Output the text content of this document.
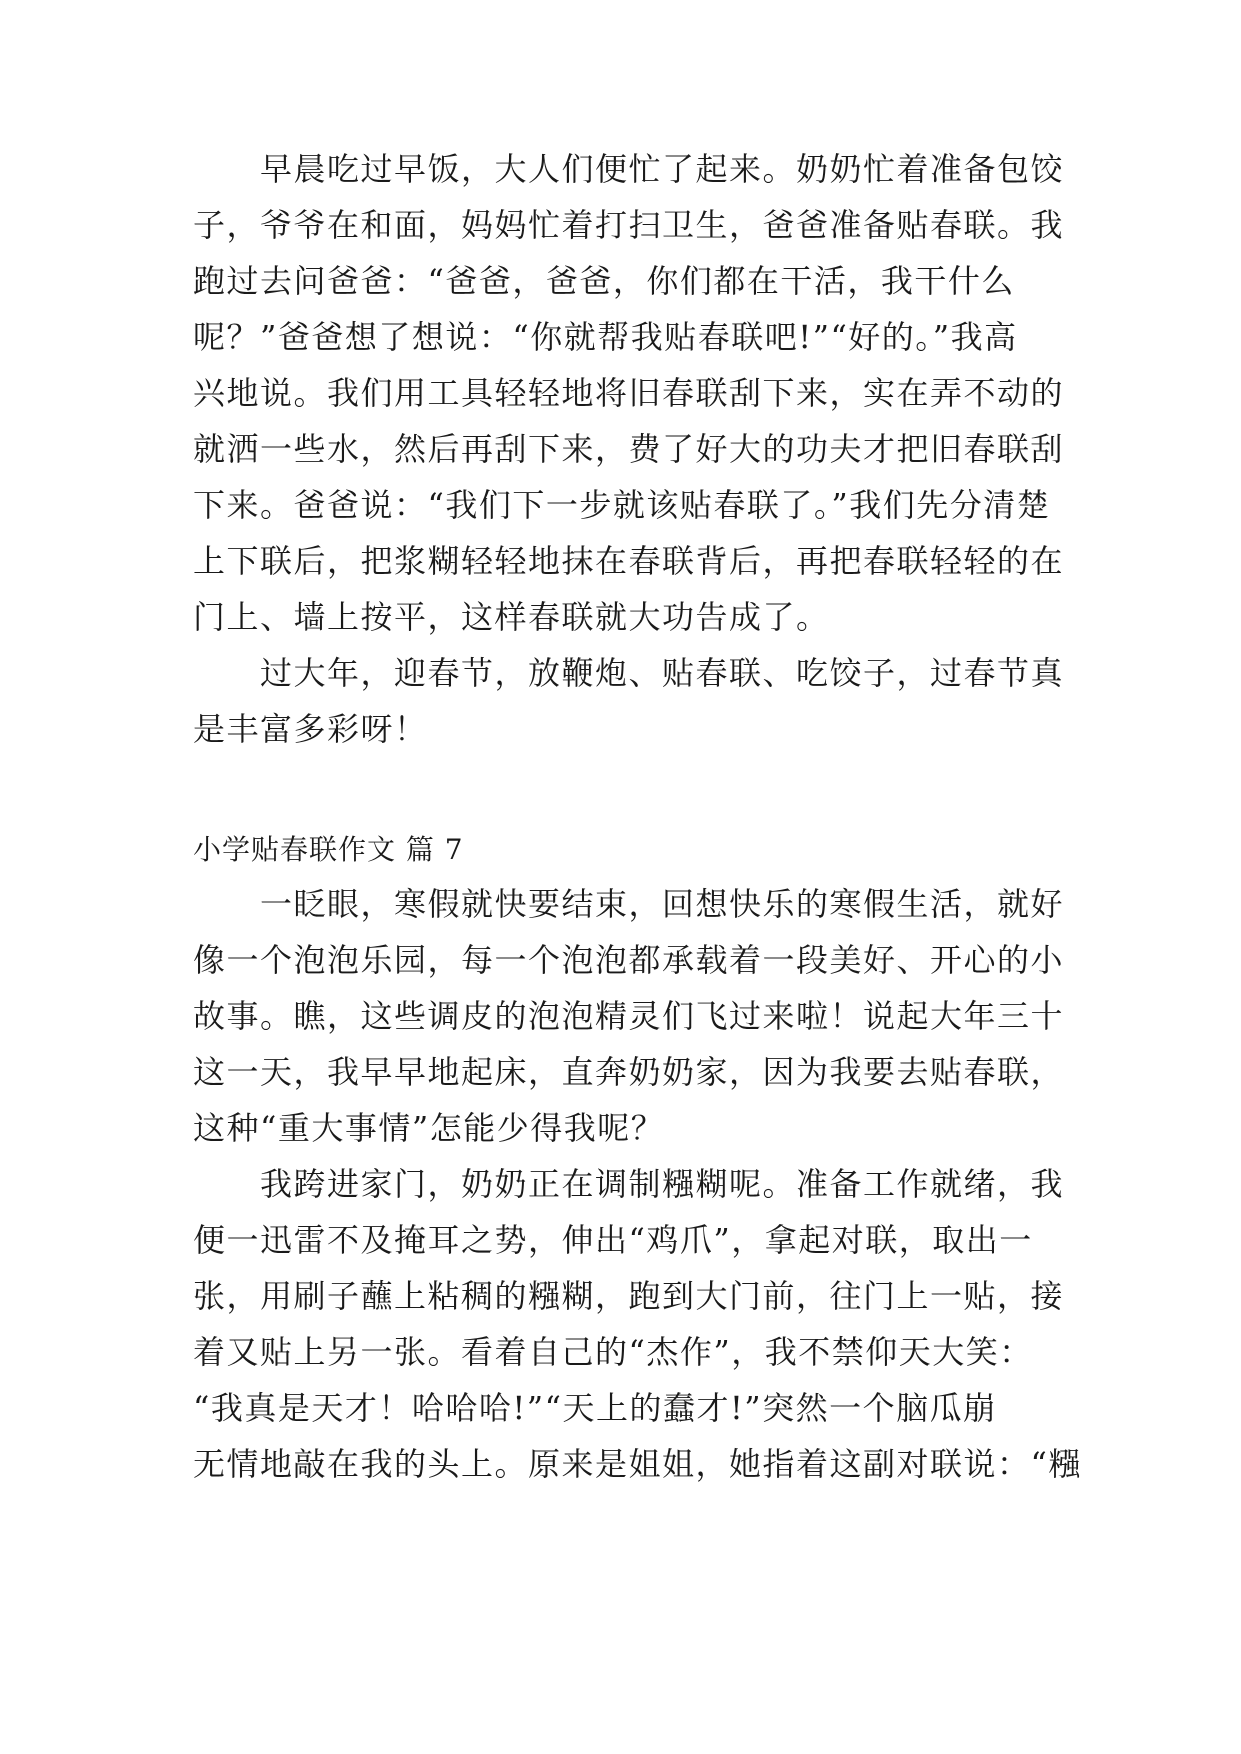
　　早晨吃过早饭，大人们便忙了起来。奶奶忙着准备包饺
子，爷爷在和面，妈妈忙着打扫卫生，爸爸准备贴春联。我
跑过去问爸爸：“爸爸，爸爸，你们都在干活，我干什么
呢？”爸爸想了想说：“你就帮我贴春联吧!”“好的。”我高
兴地说。我们用工具轻轻地将旧春联刮下来，实在弄不动的
就洒一些水，然后再刮下来，费了好大的功夫才把旧春联刮
下来。爸爸说：“我们下一步就该贴春联了。”我们先分清楚
上下联后，把浆糊轻轻地抹在春联背后，再把春联轻轻的在
门上、墙上按平，这样春联就大功告成了。
　　过大年，迎春节，放鞭炮、贴春联、吃饺子，过春节真
是丰富多彩呀！
小学贴春联作文 篇 7
　　一眨眼，寒假就快要结束，回想快乐的寒假生活，就好
像一个泡泡乐园，每一个泡泡都承载着一段美好、开心的小
故事。瞧，这些调皮的泡泡精灵们飞过来啦！说起大年三十
这一天，我早早地起床，直奔奶奶家，因为我要去贴春联，
这种“重大事情”怎能少得我呢？
　　我跨进家门，奶奶正在调制糨糊呢。准备工作就绪，我
便一迅雷不及掩耳之势，伸出“鸡爪”，拿起对联，取出一
张，用刷子蘸上粘稠的糨糊，跑到大门前，往门上一贴，接
着又贴上另一张。看着自己的“杰作”，我不禁仰天大笑：
“我真是天才！哈哈哈!”“天上的蠢才!”突然一个脑瓜崩
无情地敲在我的头上。原来是姐姐，她指着这副对联说：“糨
